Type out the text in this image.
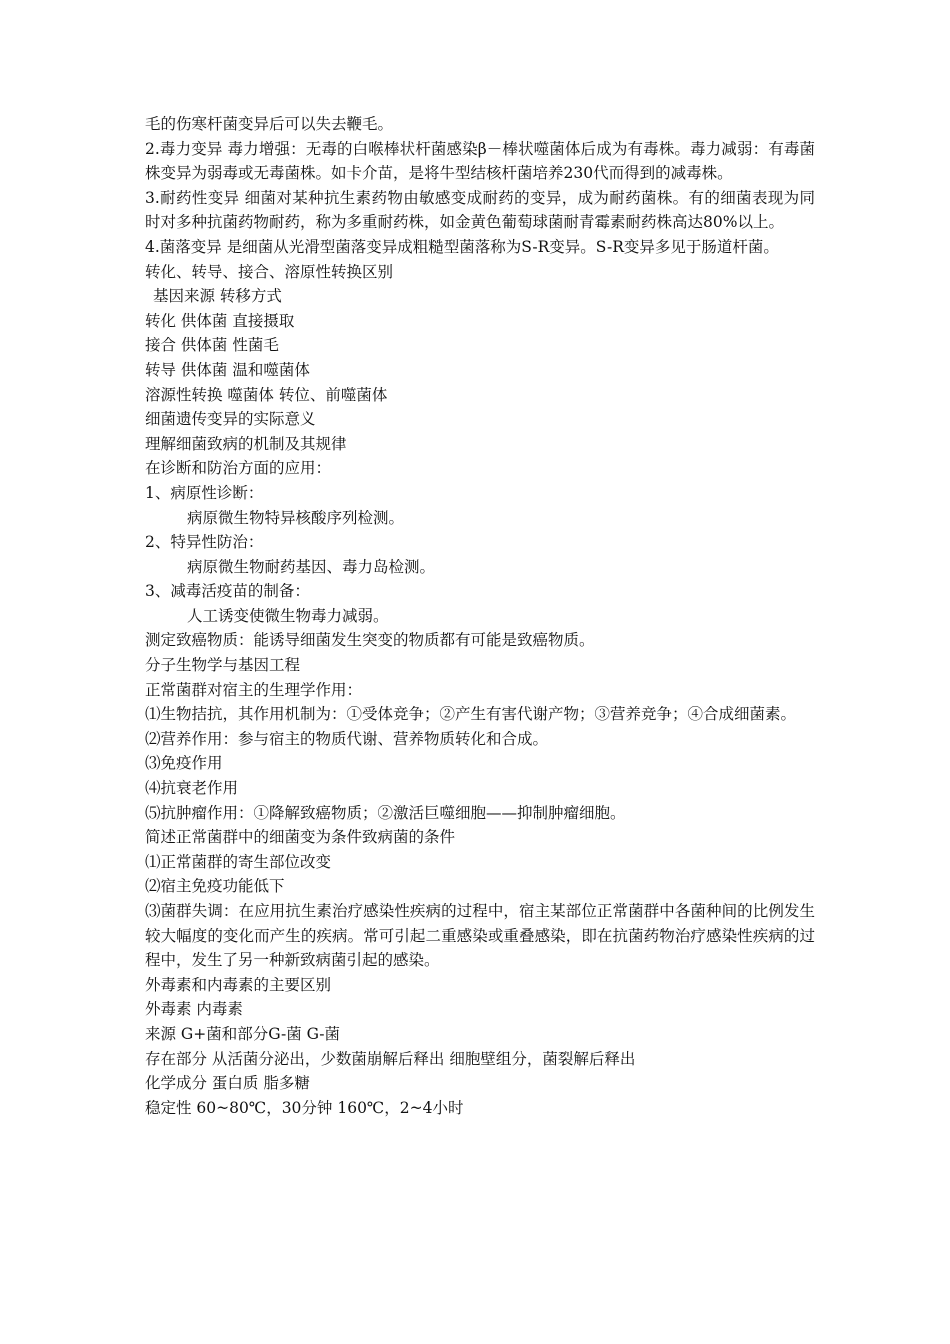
毛的伤寒杆菌变异后可以失去鞭毛。
2.毒力变异 毒力增强：无毒的白喉棒状杆菌感染β－棒状噬菌体后成为有毒株。毒力减弱：有毒菌株变异为弱毒或无毒菌株。如卡介苗，是将牛型结核杆菌培养230代而得到的减毒株。
3.耐药性变异 细菌对某种抗生素药物由敏感变成耐药的变异，成为耐药菌株。有的细菌表现为同时对多种抗菌药物耐药，称为多重耐药株，如金黄色葡萄球菌耐青霉素耐药株高达80%以上。
4.菌落变异 是细菌从光滑型菌落变异成粗糙型菌落称为S-R变异。S-R变异多见于肠道杆菌。
转化、转导、接合、溶原性转换区别
基因来源 转移方式
转化 供体菌 直接摄取
接合 供体菌 性菌毛
转导 供体菌 温和噬菌体
溶源性转换 噬菌体 转位、前噬菌体
细菌遗传变异的实际意义
理解细菌致病的机制及其规律
在诊断和防治方面的应用：
1、病原性诊断：
病原微生物特异核酸序列检测。
2、特异性防治：
病原微生物耐药基因、毒力岛检测。
3、减毒活疫苗的制备：
人工诱变使微生物毒力减弱。
测定致癌物质：能诱导细菌发生突变的物质都有可能是致癌物质。
分子生物学与基因工程
正常菌群对宿主的生理学作用：
⑴生物拮抗，其作用机制为：①受体竞争；②产生有害代谢产物；③营养竞争；④合成细菌素。
⑵营养作用：参与宿主的物质代谢、营养物质转化和合成。
⑶免疫作用
⑷抗衰老作用
⑸抗肿瘤作用：①降解致癌物质；②激活巨噬细胞——抑制肿瘤细胞。
简述正常菌群中的细菌变为条件致病菌的条件
⑴正常菌群的寄生部位改变
⑵宿主免疫功能低下
⑶菌群失调：在应用抗生素治疗感染性疾病的过程中，宿主某部位正常菌群中各菌种间的比例发生较大幅度的变化而产生的疾病。常可引起二重感染或重叠感染，即在抗菌药物治疗感染性疾病的过程中，发生了另一种新致病菌引起的感染。
外毒素和内毒素的主要区别
外毒素 内毒素
来源 G+菌和部分G-菌 G-菌
存在部分 从活菌分泌出，少数菌崩解后释出 细胞壁组分，菌裂解后释出
化学成分 蛋白质 脂多糖
稳定性 60~80℃，30分钟 160℃，2~4小时
